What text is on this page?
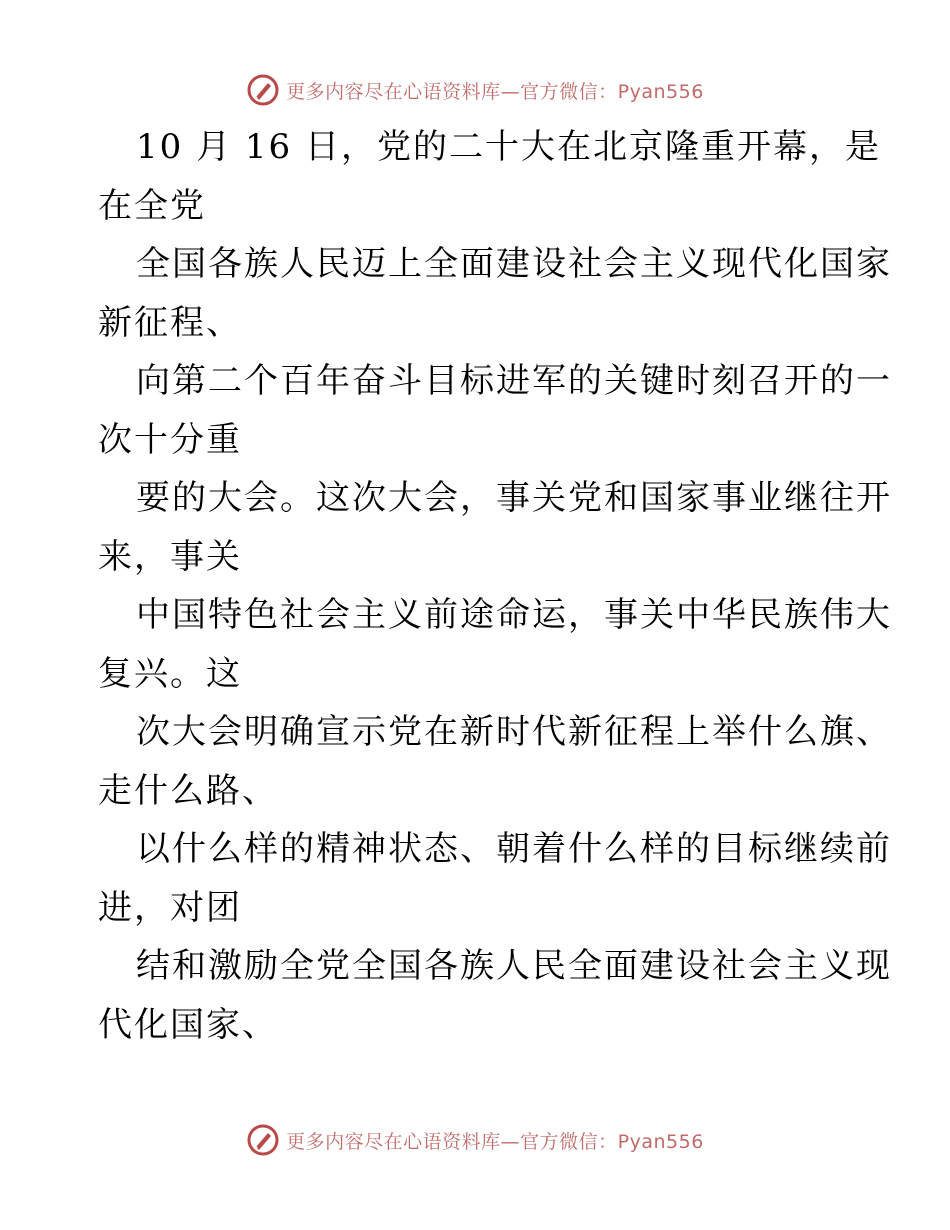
更多内容尽在心语资料库—官方微信：Pyan556

10 月 16 日，党的二十大在北京隆重开幕，是

在全党

全国各族人民迈上全面建设社会主义现代化国家

新征程、

向第二个百年奋斗目标进军的关键时刻召开的一

次十分重

要的大会。这次大会，事关党和国家事业继往开

来，事关

中国特色社会主义前途命运，事关中华民族伟大

复兴。这

次大会明确宣示党在新时代新征程上举什么旗、

走什么路、

以什么样的精神状态、朝着什么样的目标继续前

进，对团

结和激励全党全国各族人民全面建设社会主义现

代化国家、

更多内容尽在心语资料库—官方微信：Pyan556
